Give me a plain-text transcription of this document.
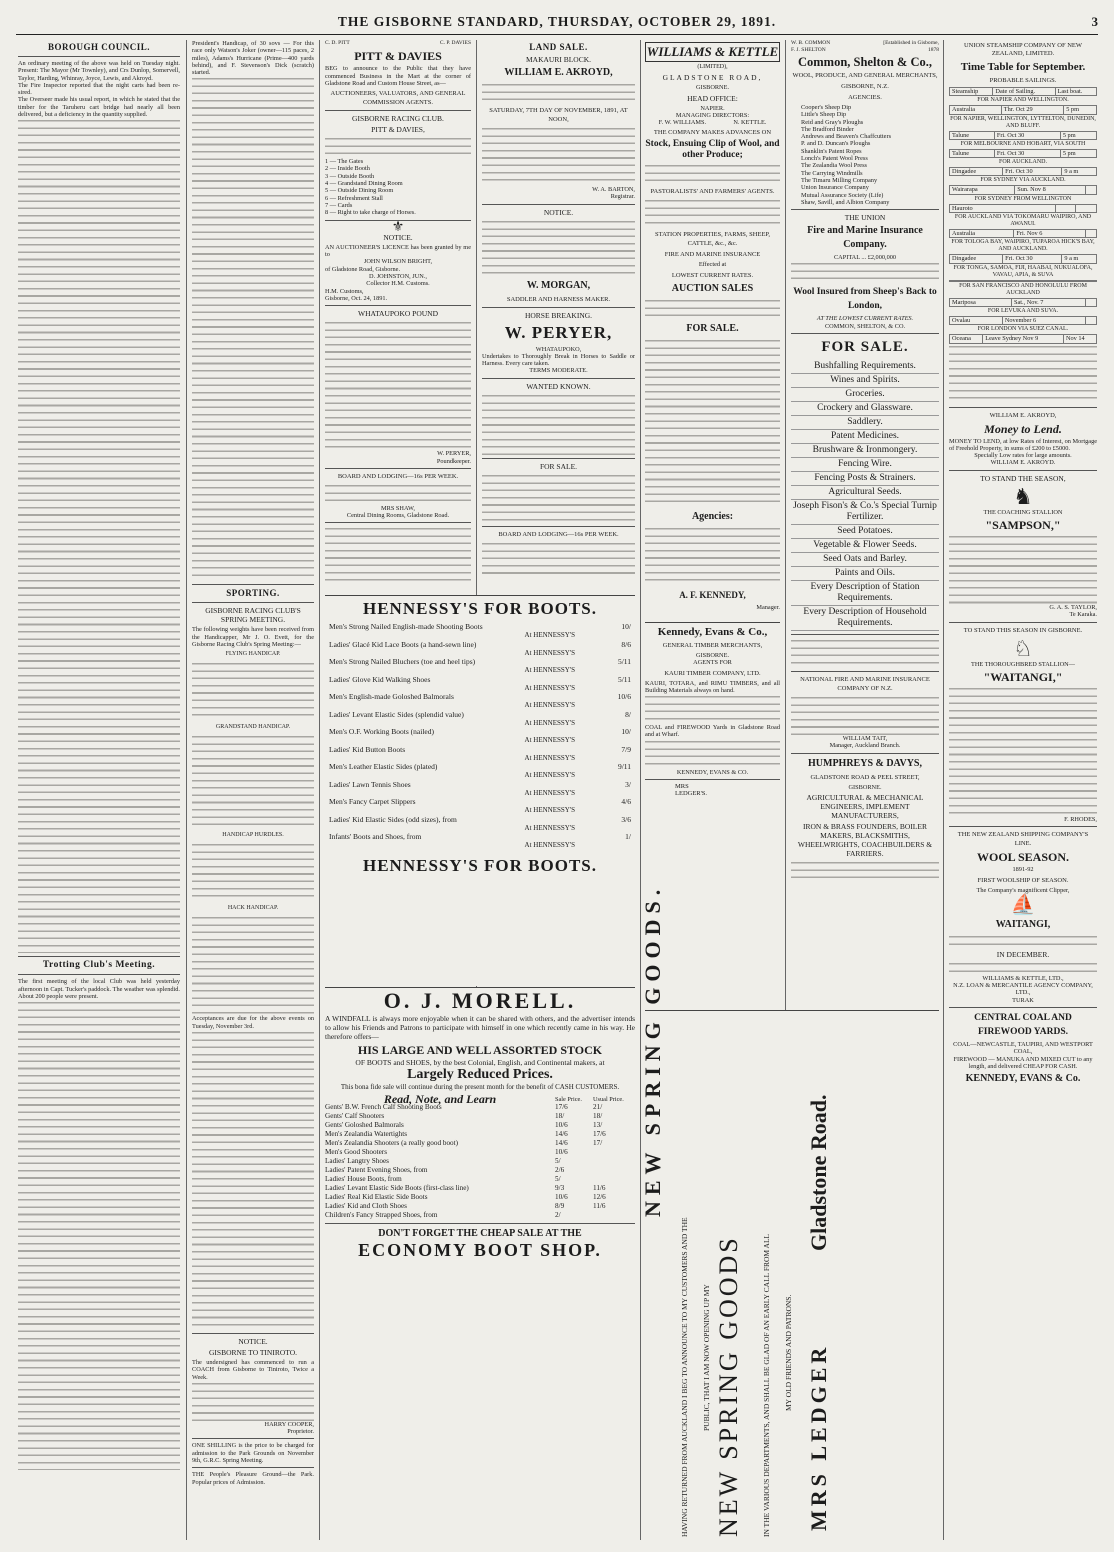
THE GISBORNE STANDARD, THURSDAY, OCTOBER 29, 1891.	3
BOROUGH COUNCIL.
An ordinary meeting of the above was held on Tuesday night. Present: The Mayor (Mr Townley), and Crs Dunlop, Somervell, Taylor, Harding, Whinray, Joyce, Lewis, and Akroyd.
The Fire Inspector reported that the night carts had been re-sired.
The Overseer made his usual report, in which he stated that the timber for the Taruheru cart bridge had nearly all been delivered, but a deficiency in the quantity supplied.
Trotting Club's Meeting.
The first meeting of the local Club was held yesterday afternoon in Capt. Tucker's paddock. The weather was splendid. About 200 people were present.
President's Handicap, of 30 sovs — For this race only Watson's Joker (owner—115 paces, 2 miles), Adams's Hurricane (Prime—400 yards behind), and F. Stevenson's Dick (scratch) started.
SPORTING.
GISBORNE RACING CLUB'S SPRING MEETING.
The following weights have been received from the Handicapper, Mr J. O. Evett, for the Gisborne Racing Club's Spring Meeting:—
FLYING HANDICAP.
GRANDSTAND HANDICAP.
HANDICAP HURDLES.
HACK HANDICAP.
Acceptances are due for the above events on Tuesday, November 3rd.
NOTICE.
GISBORNE TO TINIROTO.
The undersigned has commenced to run a COACH from Gisborne to Tiniroto, Twice a Week.
HARRY COOPER,
Proprietor.
ONE SHILLING is the price to be charged for admission to the Park Grounds on November 9th, G.R.C. Spring Meeting.
THE People's Pleasure Ground—the Park. Popular prices of Admission.
C. D. PITT	C. P. DAVIES
PITT & DAVIES
BEG to announce to the Public that they have commenced Business in the Mart at the corner of Gladstone Road and Custom House Street, as—
AUCTIONEERS, VALUATORS, AND GENERAL COMMISSION AGENTS.
GISBORNE RACING CLUB.
PITT & DAVIES,
1 — The Gates
2 — Inside Booth
3 — Outside Booth
4 — Grandstand Dining Room
5 — Outside Dining Room
6 — Refreshment Stall
7 — Cards
8 — Right to take charge of Horses.
⚜
NOTICE.
AN AUCTIONEER'S LICENCE has been granted by me to
JOHN WILSON BRIGHT,
of Gladstone Road, Gisborne.
D. JOHNSTON, JUN.,
Collector H.M. Customs.
H.M. Customs,
Gisborne, Oct. 24, 1891.
WHATAUPOKO POUND
W. PERYER,
Poundkeeper.
BOARD AND LODGING—16s PER WEEK.
MRS SHAW,
Central Dining Rooms, Gladstone Road.
LAND SALE.
MAKAURI BLOCK.
WILLIAM E. AKROYD,
SATURDAY, 7TH DAY OF NOVEMBER, 1891, AT NOON,
W. A. BARTON,
Registrar.
NOTICE.
W. MORGAN,
SADDLER AND HARNESS MAKER.
HORSE BREAKING.
W. PERYER,
WHATAUPOKO,
Undertakes to Thoroughly Break in Horses to Saddle or Harness. Every care taken.
TERMS MODERATE.
WANTED KNOWN.
FOR SALE.
BOARD AND LODGING—16s PER WEEK.
HENNESSY'S FOR BOOTS.
Men's Strong Nailed English-made Shooting Boots	10/
At HENNESSY'S
Ladies' Glacé Kid Lace Boots (a hand-sewn line)	8/6
At HENNESSY'S
Men's Strong Nailed Bluchers (toe and heel tips)	5/11
At HENNESSY'S
Ladies' Glove Kid Walking Shoes	5/11
At HENNESSY'S
Men's English-made Goloshed Balmorals	10/6
At HENNESSY'S
Ladies' Levant Elastic Sides (splendid value)	8/
At HENNESSY'S
Men's O.F. Working Boots (nailed)	10/
At HENNESSY'S
Ladies' Kid Button Boots	7/9
At HENNESSY'S
Men's Leather Elastic Sides (plated)	9/11
At HENNESSY'S
Ladies' Lawn Tennis Shoes	3/
At HENNESSY'S
Men's Fancy Carpet Slippers	4/6
At HENNESSY'S
Ladies' Kid Elastic Sides (odd sizes), from	3/6
At HENNESSY'S
Infants' Boots and Shoes, from	1/
At HENNESSY'S
HENNESSY'S FOR BOOTS.
O. J. MORELL.
A WINDFALL is always more enjoyable when it can be shared with others, and the advertiser intends to allow his Friends and Patrons to participate with himself in one which recently came in his way. He therefore offers—
HIS LARGE AND WELL ASSORTED STOCK
OF BOOTS and SHOES, by the best Colonial, English, and Continental makers, at
Largely Reduced Prices.
This bona fide sale will continue during the present month for the benefit of CASH CUSTOMERS.
Read, Note, and Learn	Sale Price.	Usual Price.
Gents' B.W. French Calf Shooting Boots	17/6	21/
Gents' Calf Shooters	18/	18/
Gents' Goloshed Balmorals	10/6	13/
Men's Zealandia Watertights	14/6	17/6
Men's Zealandia Shooters (a really good boot)	14/6	17/
Men's Good Shooters	10/6
Ladies' Langtry Shoes	5/
Ladies' Patent Evening Shoes, from	2/6
Ladies' House Boots, from	5/
Ladies' Levant Elastic Side Boots (first-class line)	9/3	11/6
Ladies' Real Kid Elastic Side Boots	10/6	12/6
Ladies' Kid and Cloth Shoes	8/9	11/6
Children's Fancy Strapped Shoes, from	2/
DON'T FORGET THE CHEAP SALE AT THE
ECONOMY BOOT SHOP.
WILLIAMS & KETTLE
(LIMITED),
GLADSTONE ROAD,
GISBORNE.
HEAD OFFICE:
NAPIER.
MANAGING DIRECTORS:
F. W. WILLIAMS.	N. KETTLE.
THE COMPANY MAKES ADVANCES ON
Stock, Ensuing Clip of Wool, and other Produce;
PASTORALISTS' AND FARMERS' AGENTS.
STATION PROPERTIES, FARMS, SHEEP, CATTLE, &c., &c.
FIRE AND MARINE INSURANCE
Effected at
LOWEST CURRENT RATES.
AUCTION SALES
FOR SALE.
Agencies:
A. F. KENNEDY,
Manager.
Kennedy, Evans & Co.,
GENERAL TIMBER MERCHANTS,
GISBORNE.
AGENTS FOR
KAURI TIMBER COMPANY, LTD.
KAURI, TOTARA, and RIMU TIMBERS, and all Building Materials always on hand.
COAL and FIREWOOD Yards in Gladstone Road and at Wharf.
KENNEDY, EVANS & CO.
MRS
LEDGER'S.
NEW SPRING GOODS.
HAVING RETURNED FROM AUCKLAND I BEG TO ANNOUNCE TO MY CUSTOMERS AND THE PUBLIC, THAT I AM NOW OPENING UP MY NEW SPRING GOODS	IN THE VARIOUS DEPARTMENTS, AND SHALL BE GLAD OF AN EARLY CALL FROM ALL MY OLD FRIENDS AND PATRONS.
Gladstone Road.
MRS LEDGER
W. B. COMMON
F. J. SHELTON
[Established in Gisborne, 1878
Common, Shelton & Co.,
WOOL, PRODUCE, AND GENERAL MERCHANTS,
GISBORNE, N.Z.
AGENCIES.
Cooper's Sheep Dip
Little's Sheep Dip
Reid and Gray's Ploughs
The Bradford Binder
Andrews and Beaven's Chaffcutters
P. and D. Duncan's Ploughs
Shanklin's Patent Ropes
Lonch's Patent Wool Press
The Zealandia Wool Press
The Carrying Windmills
The Timaru Milling Company
Union Insurance Company
Mutual Assurance Society (Life)
Shaw, Savill, and Albion Company
THE UNION
Fire and Marine Insurance Company.
CAPITAL ... £2,000,000
Wool Insured from Sheep's Back to London,
AT THE LOWEST CURRENT RATES.
COMMON, SHELTON, & CO.
FOR SALE.
Bushfalling Requirements.
Wines and Spirits.
Groceries.
Crockery and Glassware.
Saddlery.
Patent Medicines.
Brushware & Ironmongery.
Fencing Wire.
Fencing Posts & Strainers.
Agricultural Seeds.
Joseph Fison's & Co.'s Special Turnip Fertilizer.
Seed Potatoes.
Vegetable & Flower Seeds.
Seed Oats and Barley.
Paints and Oils.
Every Description of Station Requirements.
Every Description of Household Requirements.
NATIONAL FIRE AND MARINE INSURANCE COMPANY OF N.Z.
WILLIAM TAIT,
Manager, Auckland Branch.
HUMPHREYS & DAVYS,
GLADSTONE ROAD & PEEL STREET,
GISBORNE.
AGRICULTURAL & MECHANICAL ENGINEERS, IMPLEMENT MANUFACTURERS,
IRON & BRASS FOUNDERS, BOILER MAKERS, BLACKSMITHS, WHEELWRIGHTS, COACHBUILDERS & FARRIERS.
UNION STEAMSHIP COMPANY OF NEW ZEALAND, LIMITED.
Time Table for September.
PROBABLE SAILINGS.
Steamship	Date of Sailing.	Last boat.
FOR NAPIER AND WELLINGTON.
Australia	Thr. Oct 29	5 pm
FOR NAPIER, WELLINGTON, LYTTELTON, DUNEDIN, AND BLUFF.
Talune	Fri. Oct 30	5 pm
FOR MELBOURNE AND HOBART, VIA SOUTH
Talune	Fri. Oct 30	5 pm
FOR AUCKLAND.
Dingadee	Fri. Oct 30	9 a m
FOR SYDNEY VIA AUCKLAND.
Wairarapa	Sun. Nov 8	
FOR SYDNEY FROM WELLINGTON
Hauroto		
FOR AUCKLAND VIA TOKOMARU WAIPIRO, AND AWANUI.
Australia	Fri. Nov 6	
FOR TOLOGA BAY, WAIPIRO, TUPAROA HICK'S BAY, AND AUCKLAND.
Dingadee	Fri. Oct 30	9 a m
FOR TONGA, SAMOA, FIJI, HAABAI, NUKUALOFA, VAVAU, APIA, & SUVA

FOR SAN FRANCISCO AND HONOLULU FROM AUCKLAND
Mariposa	Sat., Nov. 7	
FOR LEVUKA AND SUVA.
Ovalau	November 6	
FOR LONDON VIA SUEZ CANAL.
Oceana	Leave Sydney Nov 9	Nov 14
WILLIAM E. AKROYD,
Money to Lend.
MONEY TO LEND, at low Rates of Interest, on Mortgage of Freehold Property, in sums of £200 to £5000.
Specially Low rates for large amounts.
WILLIAM E. AKROYD.
TO STAND THE SEASON,
♞
THE COACHING STALLION
"SAMPSON,"
G. A. S. TAYLOR,
Te Karaka.
TO STAND THIS SEASON IN GISBORNE.
♘
THE THOROUGHBRED STALLION—
"WAITANGI,"
F. RHODES,
THE NEW ZEALAND SHIPPING COMPANY'S LINE.
WOOL SEASON.
1891-92
FIRST WOOLSHIP OF SEASON.
The Company's magnificent Clipper,
⛵
WAITANGI,
IN DECEMBER.
WILLIAMS & KETTLE, LTD.,
N.Z. LOAN & MERCANTILE AGENCY COMPANY, LTD.,
TURAK
CENTRAL COAL AND FIREWOOD YARDS.
COAL—NEWCASTLE, TAUPIRI, AND WESTPORT COAL,
FIREWOOD — MANUKA AND MIXED CUT to any length, and delivered CHEAP FOR CASH.
KENNEDY, EVANS & Co.
